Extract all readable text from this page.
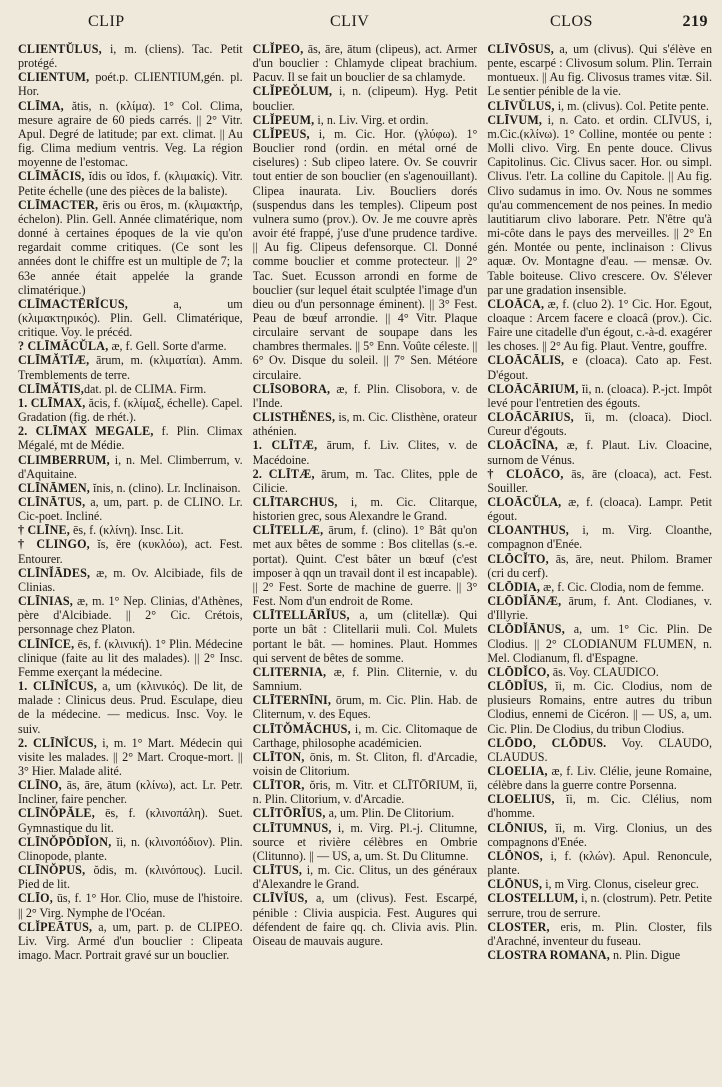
CLIP	CLIV	CLOS	219

CLIENTŬLUS, i, m. (cliens). Tac. Petit protégé.

CLIENTUM, poét.p. CLIENTIUM,gén. pl. Hor.

CLĪMA, ătis, n. (κλίμα). 1° Col. Clima, mesure agraire de 60 pieds carrés. || 2° Vitr. Apul. Degré de latitude; par ext. climat. || Au fig. Clima medium ventris. Veg. La région moyenne de l'estomac.

CLĪMĂCIS, ĭdis ou ĭdos, f. (κλιμακίς). Vitr. Petite échelle (une des pièces de la baliste).

CLĪMACTER, ēris ou ēros, m. (κλιμακτήρ, échelon). Plin. Gell. Année climatérique, nom donné à certaines époques de la vie qu'on regardait comme critiques. (Ce sont les années dont le chiffre est un multiple de 7; la 63e année était appelée la grande climatérique.)

CLĪMACTĒRĬCUS, a, um (κλιμακτηρικός). Plin. Gell. Climatérique, critique. Voy. le précéd.

? CLĪMĂCŬLA, æ, f. Gell. Sorte d'arme.

CLĪMĂTĪÆ, ārum, m. (κλιματίαι). Amm. Tremblements de terre.

CLĪMĂTIS,dat. pl. de CLIMA. Firm.

1. CLĪMAX, ăcis, f. (κλίμαξ, échelle). Capel. Gradation (fig. de rhét.).

2. CLĪMAX MEGALE, f. Plin. Climax Mégalé, mt de Médie.

CLIMBERRUM, i, n. Mel. Climberrum, v. d'Aquitaine.

CLĪNĀMEN, ĭnis, n. (clino). Lr. Inclinaison.

CLĪNĀTUS, a, um, part. p. de CLINO. Lr. Cic-poet. Incliné.

† CLĪNE, ēs, f. (κλίνη). Insc. Lit.

† CLINGO, ĭs, ĕre (κυκλόω), act. Fest. Entourer.

CLĪNĬĀDES, æ, m. Ov. Alcibiade, fils de Clinias.

CLĪNIAS, æ, m. 1° Nep. Clinias, d'Athènes, père d'Alcibiade. || 2° Cic. Crétois, personnage chez Platon.

CLĪNĪCE, ēs, f. (κλινική). 1° Plin. Médecine clinique (faite au lit des malades). || 2° Insc. Femme exerçant la médecine.

1. CLĪNĬCUS, a, um (κλινικός). De lit, de malade : Clinicus deus. Prud. Esculape, dieu de la médecine. — medicus. Insc. Voy. le suiv.

2. CLĪNĬCUS, i, m. 1° Mart. Médecin qui visite les malades. || 2° Mart. Croque-mort. || 3° Hier. Malade alité.

CLĪNO, ās, āre, ātum (κλίνω), act. Lr. Petr. Incliner, faire pencher.

CLĪNŎPĂLE, ēs, f. (κλινοπάλη). Suet. Gymnastique du lit.

CLĪNŎPŌDĬON, ĭi, n. (κλινοπόδιον). Plin. Clinopode, plante.

CLĪNŎPUS, ŏdis, m. (κλινόπους). Lucil. Pied de lit.

CLĪO, ūs, f. 1° Hor. Clio, muse de l'histoire. || 2° Virg. Nymphe de l'Océan.

CLĬPEĀTUS, a, um, part. p. de CLIPEO. Liv. Virg. Armé d'un bouclier : Clipeata imago. Macr. Portrait gravé sur un bouclier.

CLĬPEO, ās, āre, ātum (clipeus), act. Armer d'un bouclier : Chlamyde clipeat brachium. Pacuv. Il se fait un bouclier de sa chlamyde.

CLĬPEŎLUM, i, n. (clipeum). Hyg. Petit bouclier.

CLĬPEUM, i, n. Liv. Virg. et ordin.

CLĬPEUS, i, m. Cic. Hor. (γλύφω). 1° Bouclier rond (ordin. en métal orné de ciselures) : Sub clipeo latere. Ov. Se couvrir tout entier de son bouclier (en s'agenouillant). Clipea inaurata. Liv. Boucliers dorés (suspendus dans les temples). Clipeum post vulnera sumo (prov.). Ov. Je me couvre après avoir été frappé, j'use d'une prudence tardive. || Au fig. Clipeus defensorque. Cl. Donné comme bouclier et comme protecteur. || 2° Tac. Suet. Ecusson arrondi en forme de bouclier (sur lequel était sculptée l'image d'un dieu ou d'un personnage éminent). || 3° Fest. Peau de bœuf arrondie. || 4° Vitr. Plaque circulaire servant de soupape dans les chambres thermales. || 5° Enn. Voûte céleste. || 6° Ov. Disque du soleil. || 7° Sen. Météore circulaire.

CLĪSOBORA, æ, f. Plin. Clisobora, v. de l'Inde.

CLISTHĔNES, is, m. Cic. Clisthène, orateur athénien.

1. CLĪTÆ, ārum, f. Liv. Clites, v. de Macédoine.

2. CLĪTÆ, ārum, m. Tac. Clites, pple de Cilicie.

CLĪTARCHUS, i, m. Cic. Clitarque, historien grec, sous Alexandre le Grand.

CLĪTELLÆ, ārum, f. (clino). 1° Bât qu'on met aux bêtes de somme : Bos clitellas (s.-e. portat). Quint. C'est bâter un bœuf (c'est imposer à qqn un travail dont il est incapable). || 2° Fest. Sorte de machine de guerre. || 3° Fest. Nom d'un endroit de Rome.

CLĪTELLĀRĬUS, a, um (clitellæ). Qui porte un bât : Clitellarii muli. Col. Mulets portant le bât. — homines. Plaut. Hommes qui servent de bêtes de somme.

CLITERNIA, æ, f. Plin. Cliternie, v. du Samnium.

CLĪTERNĪNI, ōrum, m. Cic. Plin. Hab. de Cliternum, v. des Eques.

CLĪTŎMĂCHUS, i, m. Cic. Clitomaque de Carthage, philosophe académicien.

CLĪTON, ōnis, m. St. Cliton, fl. d'Arcadie, voisin de Clitorium.

CLĪTOR, ŏris, m. Vitr. et CLĪTŌRIUM, ĭi, n. Plin. Clitorium, v. d'Arcadie.

CLĪTŌRĬUS, a, um. Plin. De Clitorium.

CLĪTUMNUS, i, m. Virg. Pl.-j. Clitumne, source et rivière célèbres en Ombrie (Clitunno). || — US, a, um. St. Du Clitumne.

CLĪTUS, i, m. Cic. Clitus, un des généraux d'Alexandre le Grand.

CLĪVĬUS, a, um (clivus). Fest. Escarpé, pénible : Clivia auspicia. Fest. Augures qui défendent de faire qq. ch. Clivia avis. Plin. Oiseau de mauvais augure.

CLĪVŌSUS, a, um (clivus). Qui s'élève en pente, escarpé : Clivosum solum. Plin. Terrain montueux. || Au fig. Clivosus trames vitæ. Sil. Le sentier pénible de la vie.

CLĪVŬLUS, i, m. (clivus). Col. Petite pente.

CLĪVUM, i, n. Cato. et ordin. CLĪVUS, i, m.Cic.(κλίνω). 1° Colline, montée ou pente : Molli clivo. Virg. En pente douce. Clivus Capitolinus. Cic. Clivus sacer. Hor. ou simpl. Clivus. l'etr. La colline du Capitole. || Au fig. Clivo sudamus in imo. Ov. Nous ne sommes qu'au commencement de nos peines. In medio lautitiarum clivo laborare. Petr. N'être qu'à mi-côte dans le pays des merveilles. || 2° En gén. Montée ou pente, inclinaison : Clivus aquæ. Ov. Montagne d'eau. — mensæ. Ov. Table boiteuse. Clivo crescere. Ov. S'élever par une gradation insensible.

CLOĀCA, æ, f. (cluo 2). 1° Cic. Hor. Egout, cloaque : Arcem facere e cloacâ (prov.). Cic. Faire une citadelle d'un égout, c.-à-d. exagérer les choses. || 2° Au fig. Plaut. Ventre, gouffre.

CLOĀCĀLIS, e (cloaca). Cato ap. Fest. D'égout.

CLOĀCĀRIUM, ĭi, n. (cloaca). P.-jct. Impôt levé pour l'entretien des égouts.

CLOĀCĀRIUS, ĭi, m. (cloaca). Diocl. Cureur d'égouts.

CLOĀCĪNA, æ, f. Plaut. Liv. Cloacine, surnom de Vénus.

† CLOĀCO, ās, āre (cloaca), act. Fest. Souiller.

CLOĀCŬLA, æ, f. (cloaca). Lampr. Petit égout.

CLOANTHUS, i, m. Virg. Cloanthe, compagnon d'Enée.

CLŌCĬTO, ās, āre, neut. Philom. Bramer (cri du cerf).

CLŌDIA, æ, f. Cic. Clodia, nom de femme.

CLŌDĬĀNÆ, ārum, f. Ant. Clodianes, v. d'Illyrie.

CLŌDĬĀNUS, a, um. 1° Cic. Plin. De Clodius. || 2° CLODIANUM FLUMEN, n. Mel. Clodianum, fl. d'Espagne.

CLŌDĬCO, ās. Voy. CLAUDICO.

CLŌDĬUS, ĭi, m. Cic. Clodius, nom de plusieurs Romains, entre autres du tribun Clodius, ennemi de Cicéron. || — US, a, um. Cic. Plin. De Clodius, du tribun Clodius.

CLŌDO, CLŌDUS. Voy. CLAUDO, CLAUDUS.

CLOELIA, æ, f. Liv. Clélie, jeune Romaine, célèbre dans la guerre contre Porsenna.

CLOELIUS, ĭi, m. Cic. Clélius, nom d'homme.

CLŌNIUS, ĭi, m. Virg. Clonius, un des compagnons d'Enée.

CLŌNOS, i, f. (κλών). Apul. Renoncule, plante.

CLŌNUS, i, m Virg. Clonus, ciseleur grec.

CLOSTELLUM, i, n. (clostrum). Petr. Petite serrure, trou de serrure.

CLOSTER, eris, m. Plin. Closter, fils d'Arachné, inventeur du fuseau.

CLOSTRA ROMANA, n. Plin. Digue
